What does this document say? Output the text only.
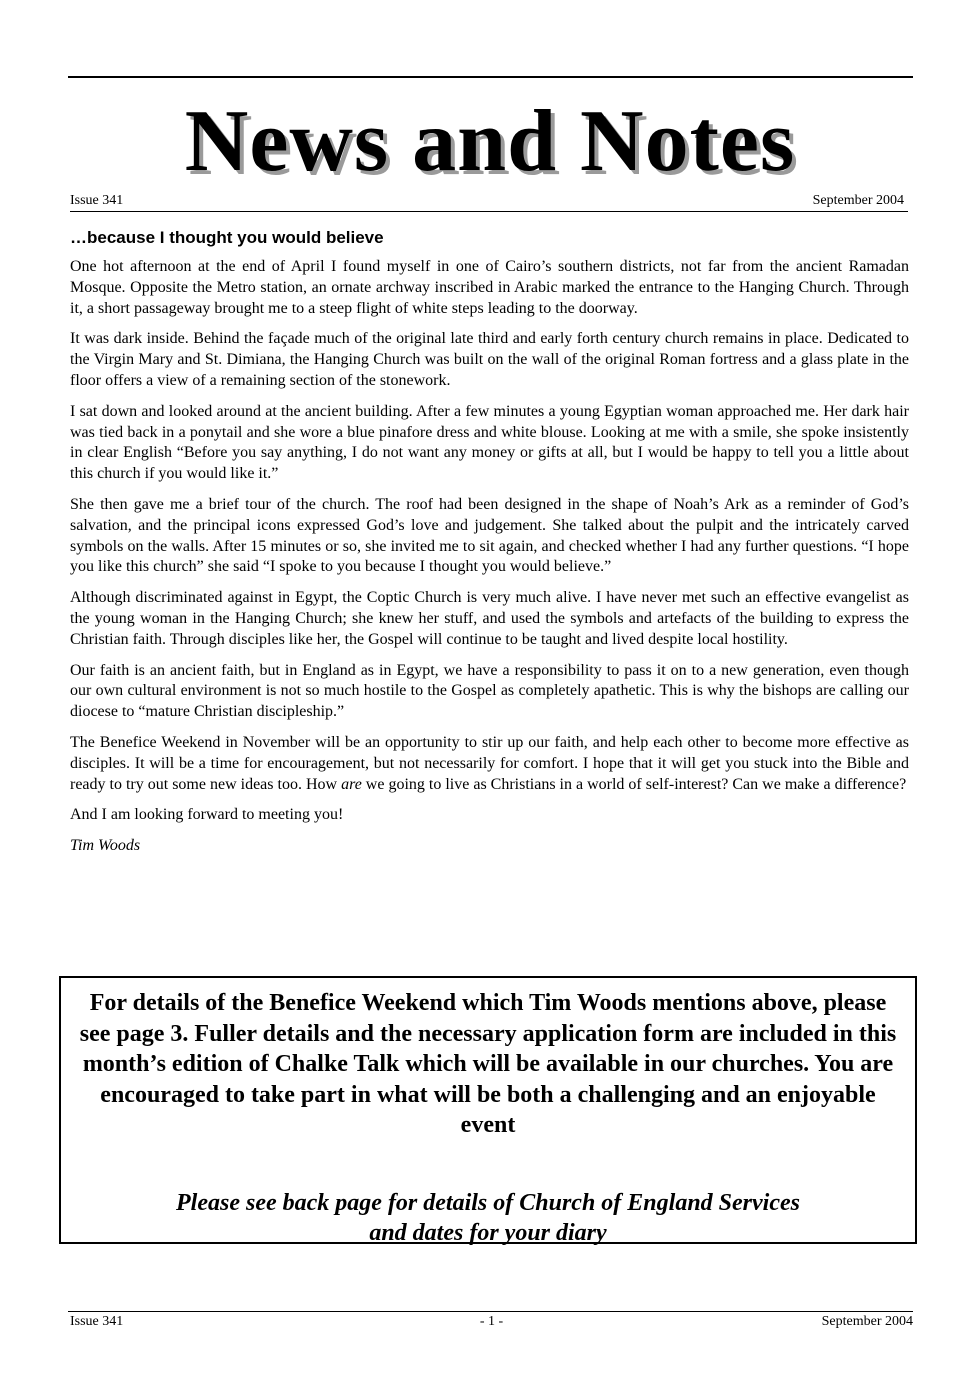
News and Notes
Issue 341	September 2004
…because I thought you would believe

One hot afternoon at the end of April I found myself in one of Cairo’s southern districts, not far from the ancient Ramadan Mosque. Opposite the Metro station, an ornate archway inscribed in Arabic marked the entrance to the Hanging Church. Through it, a short passageway brought me to a steep flight of white steps leading to the doorway.

It was dark inside. Behind the façade much of the original late third and early forth century church remains in place. Dedicated to the Virgin Mary and St. Dimiana, the Hanging Church was built on the wall of the original Roman fortress and a glass plate in the floor offers a view of a remaining section of the stonework.

I sat down and looked around at the ancient building. After a few minutes a young Egyptian woman approached me. Her dark hair was tied back in a ponytail and she wore a blue pinafore dress and white blouse. Looking at me with a smile, she spoke insistently in clear English “Before you say anything, I do not want any money or gifts at all, but I would be happy to tell you a little about this church if you would like it.”

She then gave me a brief tour of the church. The roof had been designed in the shape of Noah’s Ark as a reminder of God’s salvation, and the principal icons expressed God’s love and judgement. She talked about the pulpit and the intricately carved symbols on the walls. After 15 minutes or so, she invited me to sit again, and checked whether I had any further questions. “I hope you like this church” she said “I spoke to you because I thought you would believe.”

Although discriminated against in Egypt, the Coptic Church is very much alive. I have never met such an effective evangelist as the young woman in the Hanging Church; she knew her stuff, and used the symbols and artefacts of the building to express the Christian faith. Through disciples like her, the Gospel will continue to be taught and lived despite local hostility.

Our faith is an ancient faith, but in England as in Egypt, we have a responsibility to pass it on to a new generation, even though our own cultural environment is not so much hostile to the Gospel as completely apathetic. This is why the bishops are calling our diocese to “mature Christian discipleship.”

The Benefice Weekend in November will be an opportunity to stir up our faith, and help each other to become more effective as disciples. It will be a time for encouragement, but not necessarily for comfort. I hope that it will get you stuck into the Bible and ready to try out some new ideas too. How are we going to live as Christians in a world of self-interest? Can we make a difference?

And I am looking forward to meeting you!

Tim Woods

For details of the Benefice Weekend which Tim Woods mentions above, please see page 3. Fuller details and the necessary application form are included in this month’s edition of Chalke Talk which will be available in our churches. You are encouraged to take part in what will be both a challenging and an enjoyable event
Please see back page for details of Church of England Services
and dates for your diary
Issue 341	- 1 -	September 2004
